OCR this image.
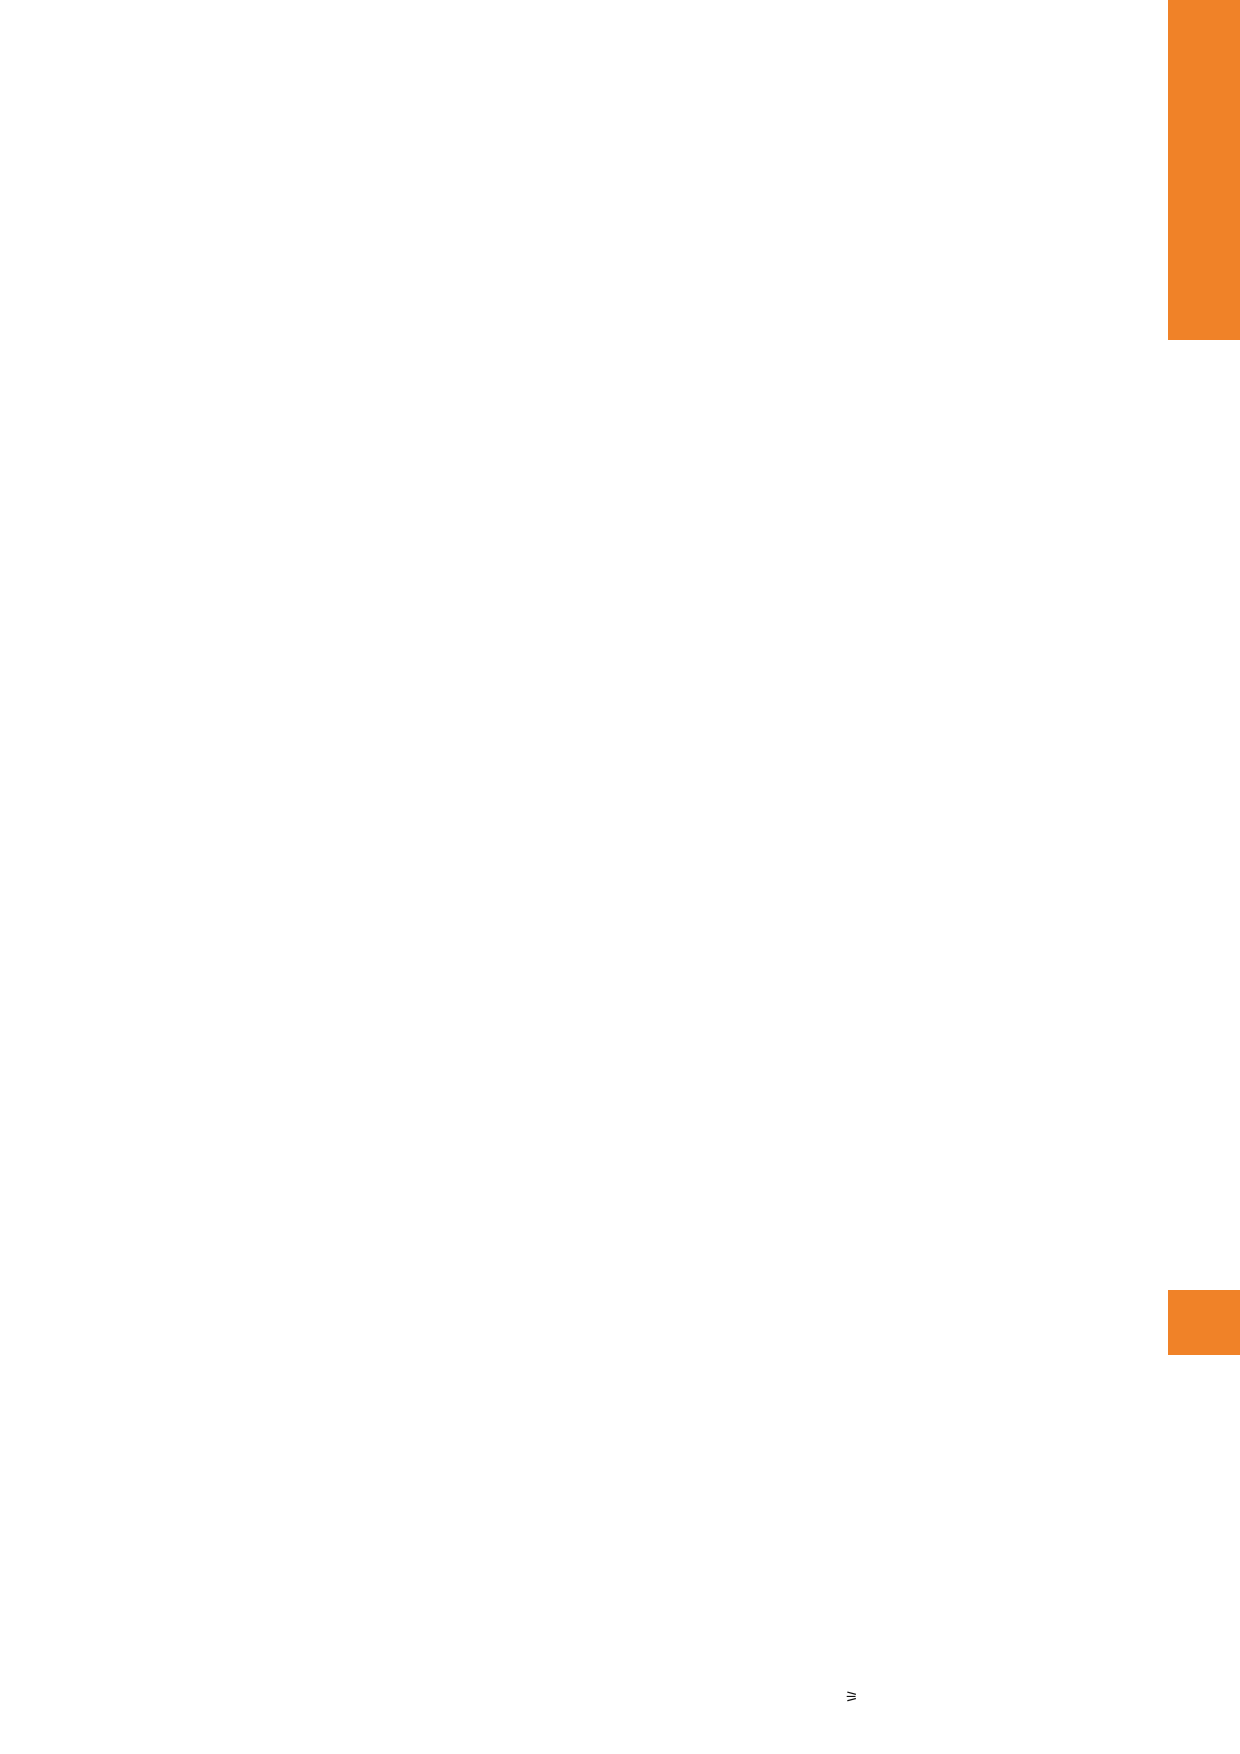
⚞
